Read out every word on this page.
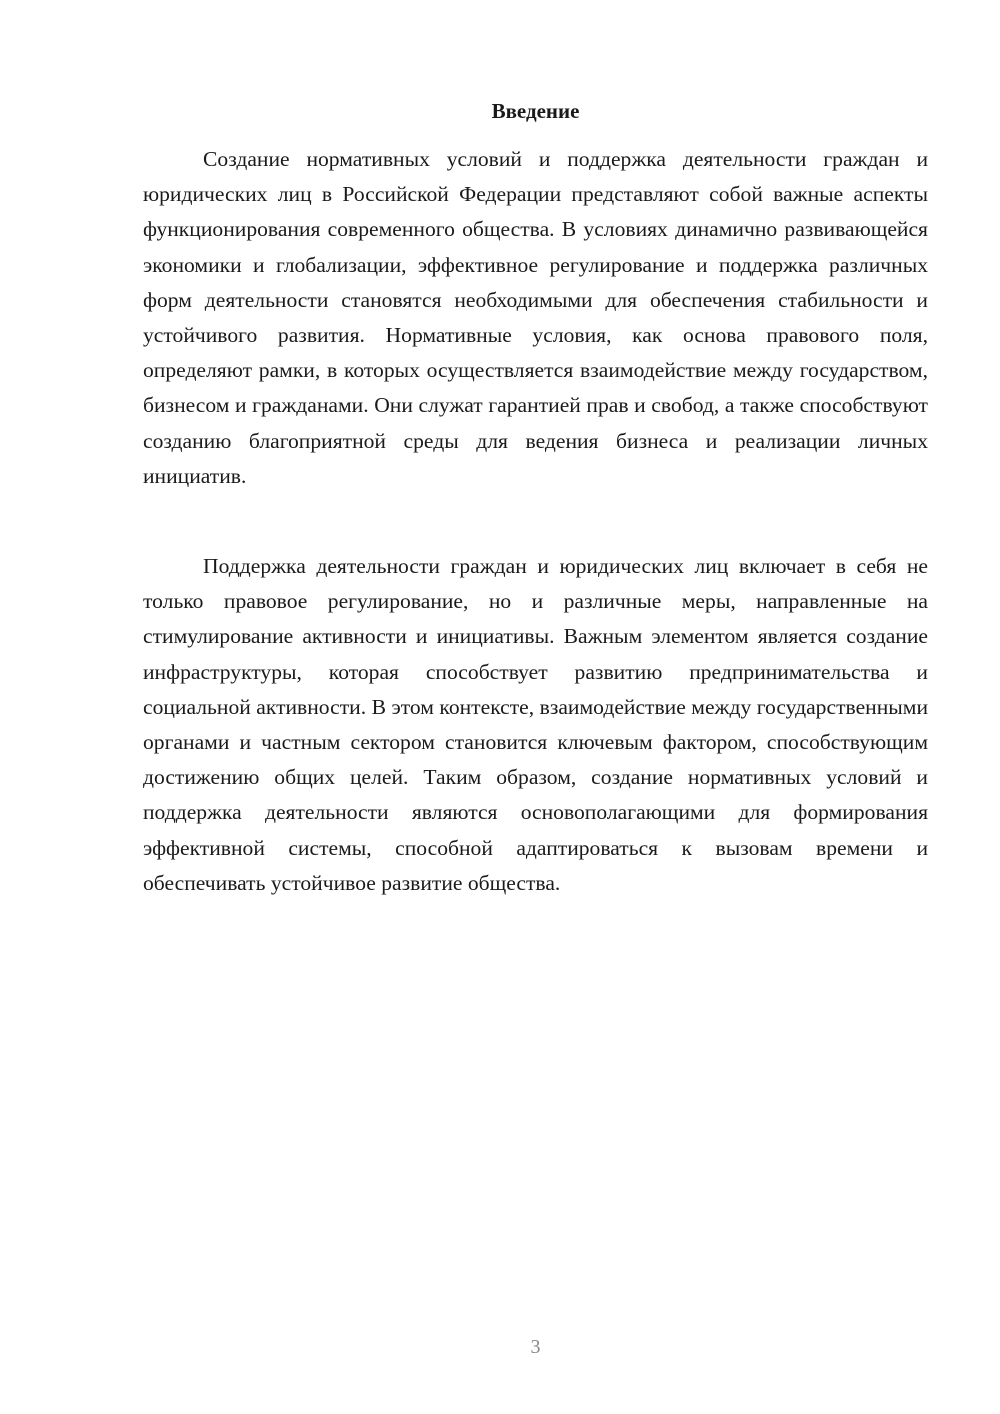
Введение

Создание нормативных условий и поддержка деятельности граждан и юридических лиц в Российской Федерации представляют собой важные аспекты функционирования современного общества. В условиях динамично развивающейся экономики и глобализации, эффективное регулирование и поддержка различных форм деятельности становятся необходимыми для обеспечения стабильности и устойчивого развития. Нормативные условия, как основа правового поля, определяют рамки, в которых осуществляется взаимодействие между государством, бизнесом и гражданами. Они служат гарантией прав и свобод, а также способствуют созданию благоприятной среды для ведения бизнеса и реализации личных инициатив.

Поддержка деятельности граждан и юридических лиц включает в себя не только правовое регулирование, но и различные меры, направленные на стимулирование активности и инициативы. Важным элементом является создание инфраструктуры, которая способствует развитию предпринимательства и социальной активности. В этом контексте, взаимодействие между государственными органами и частным сектором становится ключевым фактором, способствующим достижению общих целей. Таким образом, создание нормативных условий и поддержка деятельности являются основополагающими для формирования эффективной системы, способной адаптироваться к вызовам времени и обеспечивать устойчивое развитие общества.

3
